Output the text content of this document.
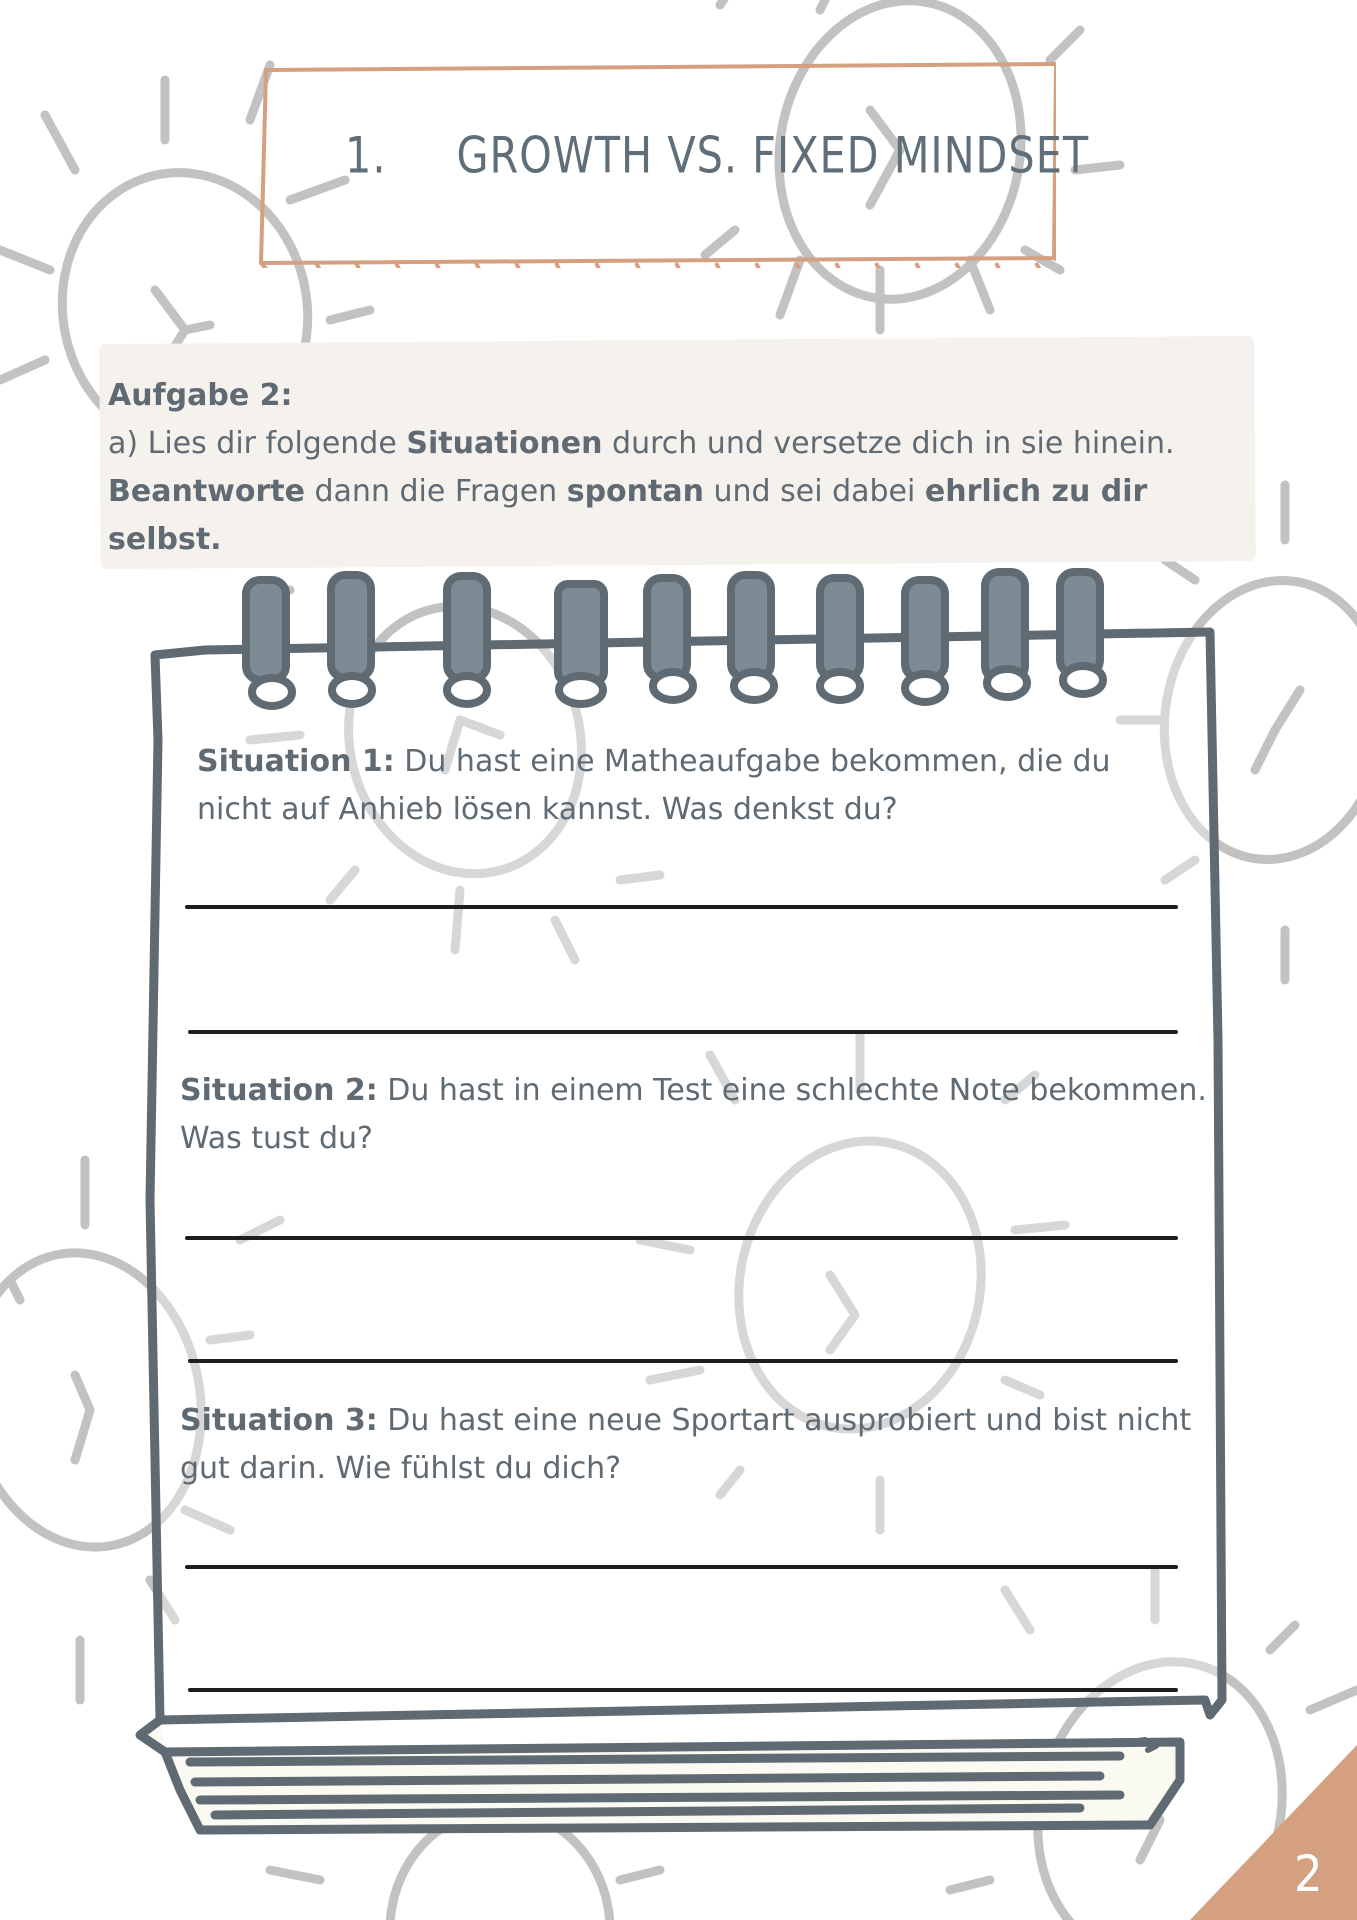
1. GROWTH VS. FIXED MINDSET
Aufgabe 2:
a) Lies dir folgende Situationen durch und versetze dich in sie hinein.
Beantworte dann die Fragen spontan und sei dabei ehrlich zu dir selbst.
Situation 1: Du hast eine Matheaufgabe bekommen, die du nicht auf Anhieb lösen kannst. Was denkst du?
Situation 2: Du hast in einem Test eine schlechte Note bekommen. Was tust du?
Situation 3: Du hast eine neue Sportart ausprobiert und bist nicht gut darin. Wie fühlst du dich?
2
